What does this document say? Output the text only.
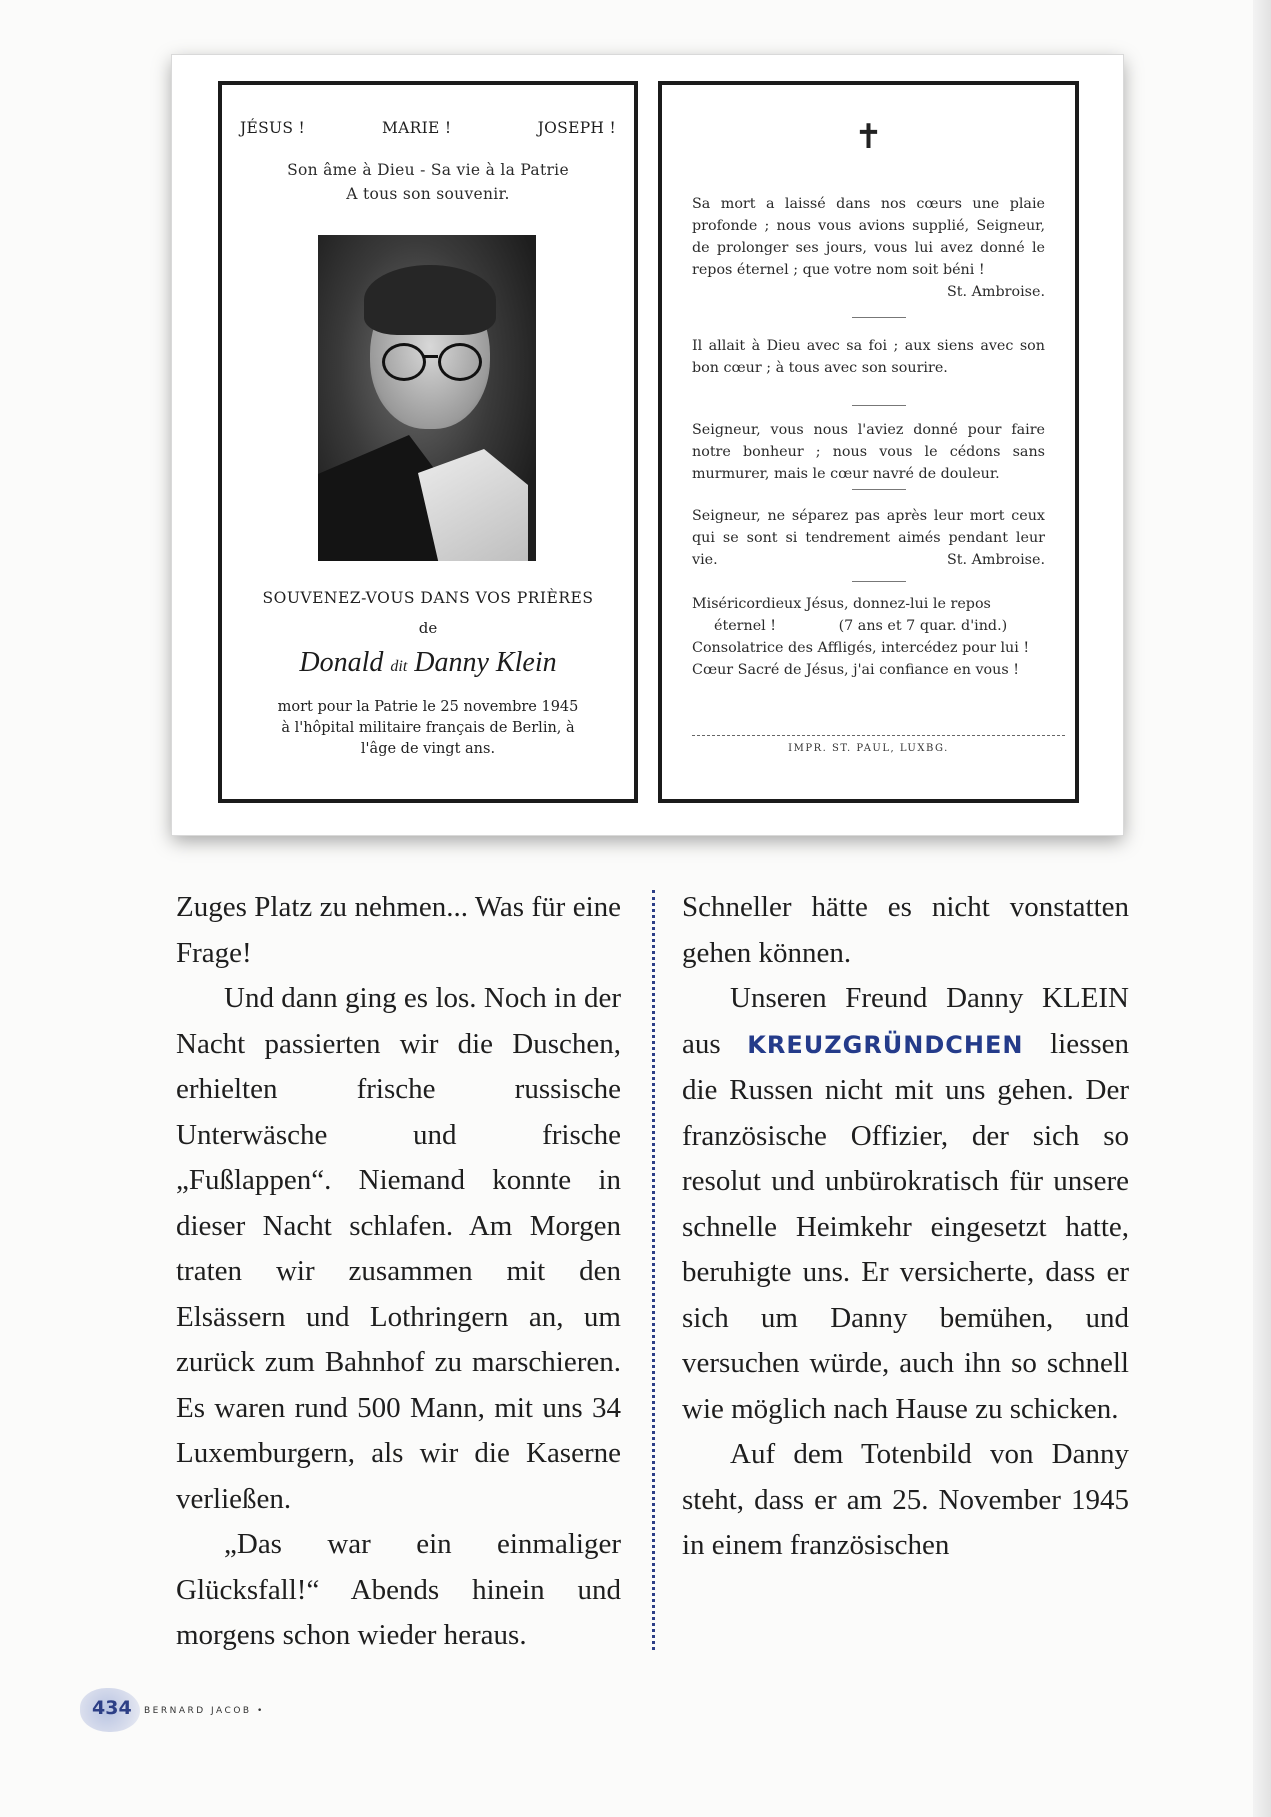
JÉSUS !	MARIE !	JOSEPH !
Son âme à Dieu - Sa vie à la Patrie
A tous son souvenir.
SOUVENEZ-VOUS DANS VOS PRIÈRES
de
Donald dit Danny Klein
mort pour la Patrie le 25 novembre 1945
à l'hôpital militaire français de Berlin, à
l'âge de vingt ans.
✝
Sa mort a laissé dans nos cœurs une plaie profonde ; nous vous avions supplié, Seigneur, de prolonger ses jours, vous lui avez donné le repos éternel ; que votre nom soit béni !
St. Ambroise.
Il allait à Dieu avec sa foi ; aux siens avec son bon cœur ; à tous avec son sourire.
Seigneur, vous nous l'aviez donné pour faire notre bonheur ; nous vous le cédons sans murmurer, mais le cœur navré de douleur.
Seigneur, ne séparez pas après leur mort ceux qui se sont si tendrement aimés pendant leur vie.	St. Ambroise.
Miséricordieux Jésus, donnez-lui le repos
éternel !	(7 ans et 7 quar. d'ind.)
Consolatrice des Affligés, intercédez pour lui !
Cœur Sacré de Jésus, j'ai confiance en vous !
IMPR. ST. PAUL, LUXBG.

Zuges Platz zu nehmen... Was für eine Frage!

Und dann ging es los. Noch in der Nacht passierten wir die Duschen, erhielten frische russische Unterwäsche und frische „Fußlappen“. Niemand konnte in dieser Nacht schlafen. Am Morgen traten wir zusammen mit den Elsässern und Lothringern an, um zurück zum Bahnhof zu marschieren. Es waren rund 500 Mann, mit uns 34 Luxemburgern, als wir die Kaserne verließen.

„Das war ein einmaliger Glücksfall!“ Abends hinein und morgens schon wieder heraus.

Schneller hätte es nicht vonstatten gehen können.

Unseren Freund Danny KLEIN aus KREUZGRÜNDCHEN liessen die Russen nicht mit uns gehen. Der französische Offizier, der sich so resolut und unbürokratisch für unsere schnelle Heimkehr eingesetzt hatte, beruhigte uns. Er versicherte, dass er sich um Danny bemühen, und versuchen würde, auch ihn so schnell wie möglich nach Hause zu schicken.

Auf dem Totenbild von Danny steht, dass er am 25. November 1945 in einem französischen

434 BERNARD JACOB •
